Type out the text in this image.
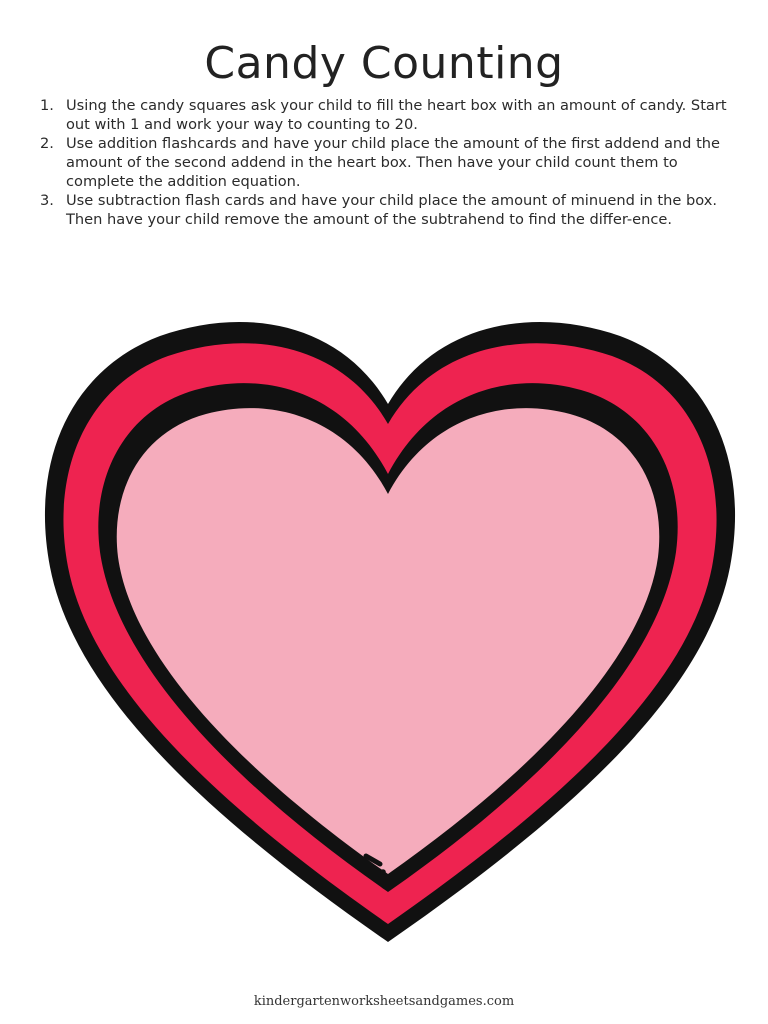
Candy Counting
1. Using the candy squares ask your child to fill the heart box with an amount of candy. Start out with 1 and work your way to counting to 20.
2. Use addition flashcards and have your child place the amount of the first addend and the amount of the second addend in the heart box. Then have your child count them to complete the addition equation.
3. Use subtraction flash cards and have your child place the amount of minuend in the box. Then have your child remove the amount of the subtrahend to find the differ-ence.
kindergartenworksheetsandgames.com
